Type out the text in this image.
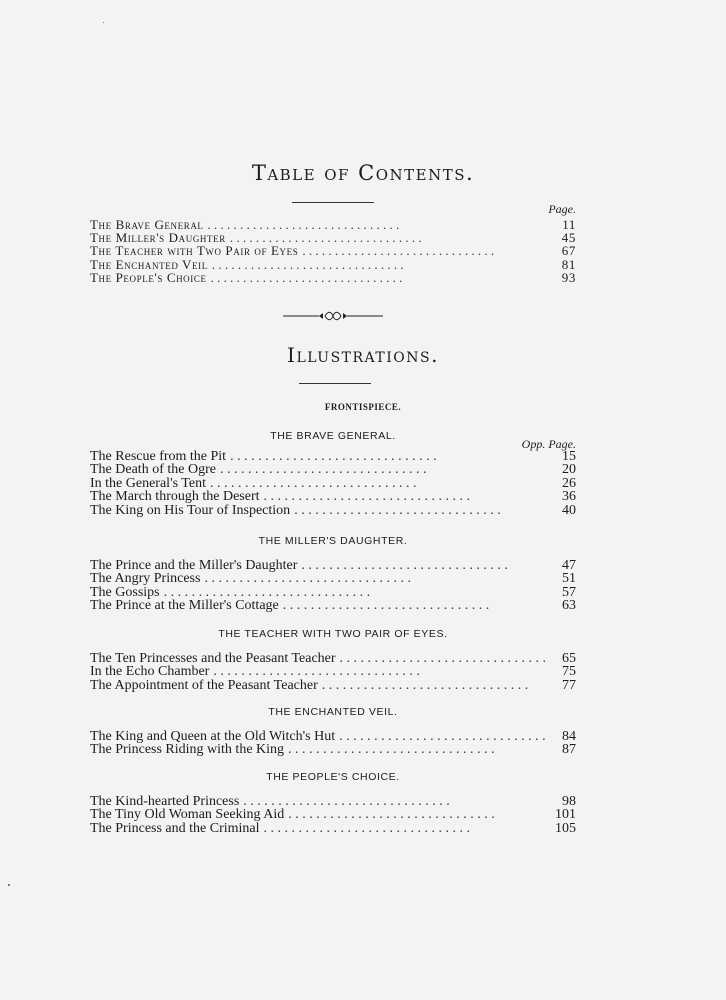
Table of Contents.
Page.
The Brave General . . . . . . . . . . . . . . . . . . . . . . . . . . . . . .	11
The Miller's Daughter . . . . . . . . . . . . . . . . . . . . . . . . . . . . . .	45
The Teacher with Two Pair of Eyes . . . . . . . . . . . . . . . . . . . . . . . . . . . . . .	67
The Enchanted Veil . . . . . . . . . . . . . . . . . . . . . . . . . . . . . .	81
The People's Choice . . . . . . . . . . . . . . . . . . . . . . . . . . . . . .	93
Illustrations.
FRONTISPIECE.
Opp. Page.
THE BRAVE GENERAL.
The Rescue from the Pit . . . . . . . . . . . . . . . . . . . . . . . . . . . . . .	15
The Death of the Ogre . . . . . . . . . . . . . . . . . . . . . . . . . . . . . .	20
In the General's Tent . . . . . . . . . . . . . . . . . . . . . . . . . . . . . .	26
The March through the Desert . . . . . . . . . . . . . . . . . . . . . . . . . . . . . .	36
The King on His Tour of Inspection . . . . . . . . . . . . . . . . . . . . . . . . . . . . . .	40
THE MILLER'S DAUGHTER.
The Prince and the Miller's Daughter . . . . . . . . . . . . . . . . . . . . . . . . . . . . . .	47
The Angry Princess . . . . . . . . . . . . . . . . . . . . . . . . . . . . . .	51
The Gossips . . . . . . . . . . . . . . . . . . . . . . . . . . . . . .	57
The Prince at the Miller's Cottage . . . . . . . . . . . . . . . . . . . . . . . . . . . . . .	63
THE TEACHER WITH TWO PAIR OF EYES.
The Ten Princesses and the Peasant Teacher . . . . . . . . . . . . . . . . . . . . . . . . . . . . . .	65
In the Echo Chamber . . . . . . . . . . . . . . . . . . . . . . . . . . . . . .	75
The Appointment of the Peasant Teacher . . . . . . . . . . . . . . . . . . . . . . . . . . . . . .	77
THE ENCHANTED VEIL.
The King and Queen at the Old Witch's Hut . . . . . . . . . . . . . . . . . . . . . . . . . . . . . .	84
The Princess Riding with the King . . . . . . . . . . . . . . . . . . . . . . . . . . . . . .	87
THE PEOPLE'S CHOICE.
The Kind-hearted Princess . . . . . . . . . . . . . . . . . . . . . . . . . . . . . .	98
The Tiny Old Woman Seeking Aid . . . . . . . . . . . . . . . . . . . . . . . . . . . . . .	101
The Princess and the Criminal . . . . . . . . . . . . . . . . . . . . . . . . . . . . . .	105
